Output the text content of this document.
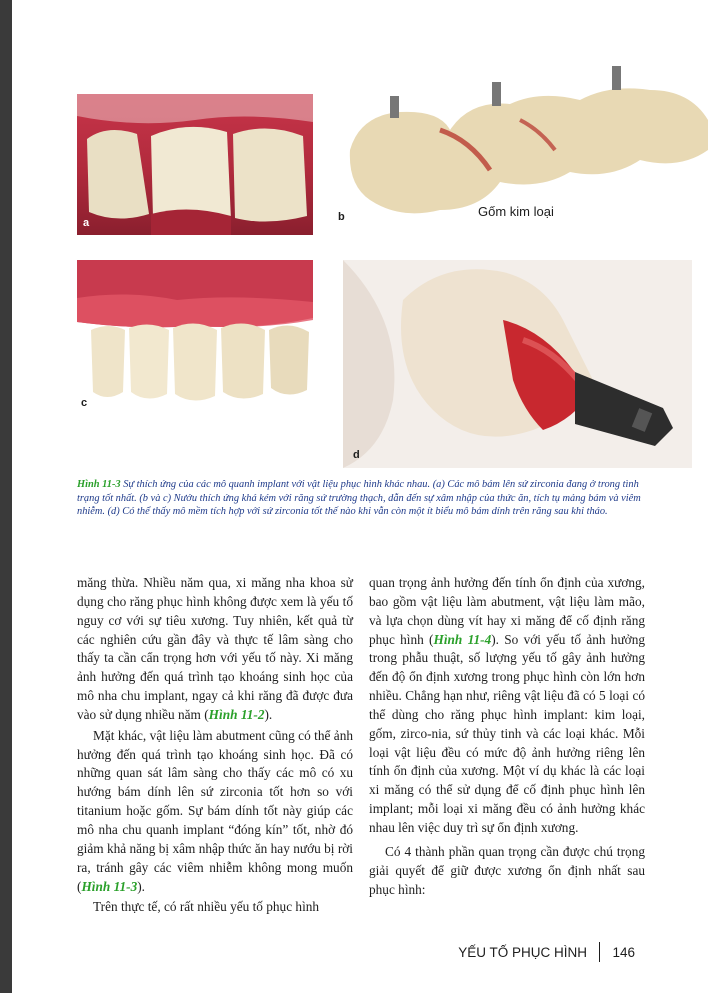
a	b	Gốm kim loại
c
d

Hình 11-3 Sự thích ứng của các mô quanh implant với vật liệu phục hình khác nhau. (a) Các mô bám lên sứ zirconia đang ở trong tình trạng tốt nhất. (b và c) Nướu thích ứng khá kém với răng sứ trường thạch, dẫn đến sự xâm nhập của thức ăn, tích tụ mảng bám và viêm nhiễm. (d) Có thể thấy mô mềm tích hợp với sứ zirconia tốt thế nào khi vẫn còn một ít biểu mô bám dính trên răng sau khi tháo.

măng thừa. Nhiều năm qua, xi măng nha khoa sử dụng cho răng phục hình không được xem là yếu tố nguy cơ với sự tiêu xương. Tuy nhiên, kết quả từ các nghiên cứu gần đây và thực tế lâm sàng cho thấy ta cần cẩn trọng hơn với yếu tố này. Xi măng ảnh hưởng đến quá trình tạo khoáng sinh học của mô nha chu implant, ngay cả khi răng đã được đưa vào sử dụng nhiều năm (Hình 11-2).

Mặt khác, vật liệu làm abutment cũng có thể ảnh hưởng đến quá trình tạo khoáng sinh học. Đã có những quan sát lâm sàng cho thấy các mô có xu hướng bám dính lên sứ zirconia tốt hơn so với titanium hoặc gốm. Sự bám dính tốt này giúp các mô nha chu quanh implant “đóng kín” tốt, nhờ đó giảm khả năng bị xâm nhập thức ăn hay nướu bị rời ra, tránh gây các viêm nhiễm không mong muốn (Hình 11-3).

Trên thực tế, có rất nhiều yếu tố phục hình

quan trọng ảnh hưởng đến tính ổn định của xương, bao gồm vật liệu làm abutment, vật liệu làm mão, và lựa chọn dùng vít hay xi măng để cố định răng phục hình (Hình 11-4). So với yếu tố ảnh hưởng trong phẫu thuật, số lượng yếu tố gây ảnh hưởng đến độ ổn định xương trong phục hình còn lớn hơn nhiều. Chẳng hạn như, riêng vật liệu đã có 5 loại có thể dùng cho răng phục hình implant: kim loại, gốm, zirco-nia, sứ thủy tinh và các loại khác. Mỗi loại vật liệu đều có mức độ ảnh hưởng riêng lên tính ổn định của xương. Một ví dụ khác là các loại xi măng có thể sử dụng để cố định phục hình lên implant; mỗi loại xi măng đều có ảnh hưởng khác nhau lên việc duy trì sự ổn định xương.

Có 4 thành phần quan trọng cần được chú trọng giải quyết để giữ được xương ổn định nhất sau phục hình:

YẾU TỐ PHỤC HÌNH 146
